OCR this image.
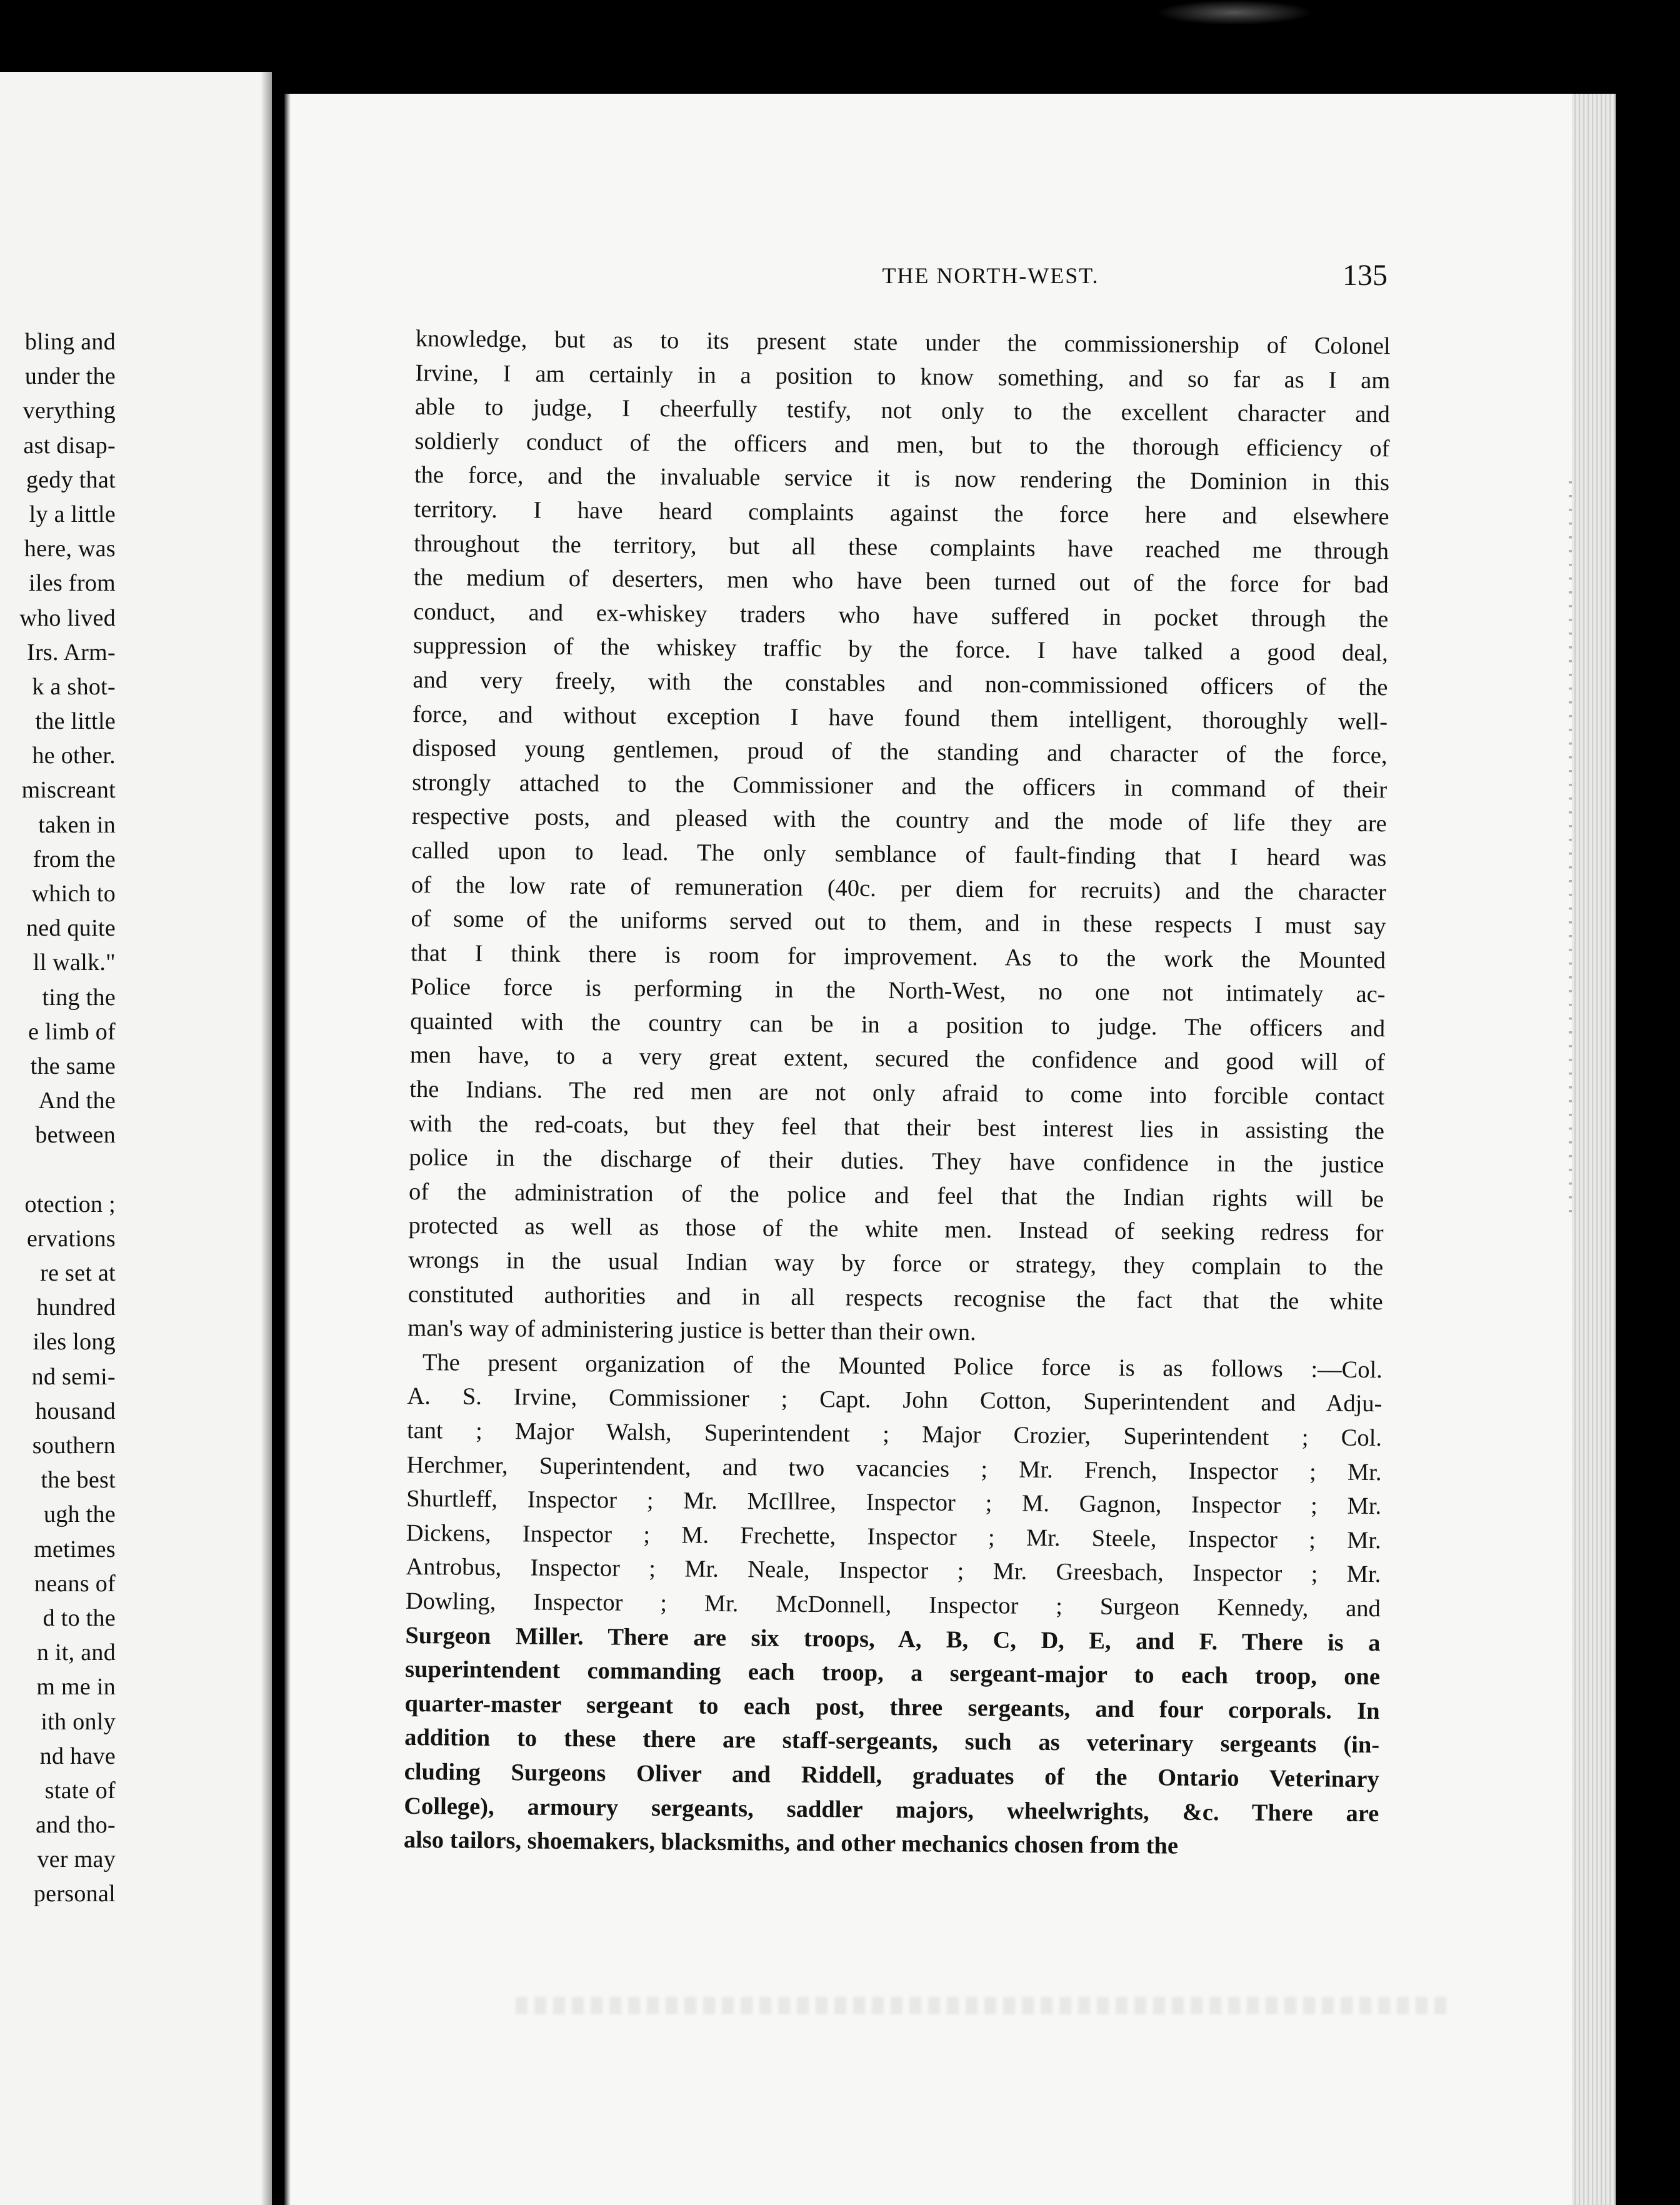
bling and
under the
verything
ast disap-
gedy that
ly a little
here, was
iles from
who lived
Irs. Arm-
k a shot-
the little
he other.
miscreant
taken in
from the
which to
ned quite
ll walk."
ting the
e limb of
the same
And the
between
otection ;
ervations
re set at
hundred
iles long
nd semi-
housand
southern
the best
ugh the
metimes
neans of
d to the
n it, and
m me in
ith only
nd have
state of
and tho-
ver may
personal
THE NORTH-WEST.	135
knowledge, but as to its present state under the commissionership of Colonel
Irvine, I am certainly in a position to know something, and so far as I am
able to judge, I cheerfully testify, not only to the excellent character and
soldierly conduct of the officers and men, but to the thorough efficiency of
the force, and the invaluable service it is now rendering the Dominion in this
territory. I have heard complaints against the force here and elsewhere
throughout the territory, but all these complaints have reached me through
the medium of deserters, men who have been turned out of the force for bad
conduct, and ex-whiskey traders who have suffered in pocket through the
suppression of the whiskey traffic by the force. I have talked a good deal,
and very freely, with the constables and non-commissioned officers of the
force, and without exception I have found them intelligent, thoroughly well-
disposed young gentlemen, proud of the standing and character of the force,
strongly attached to the Commissioner and the officers in command of their
respective posts, and pleased with the country and the mode of life they are
called upon to lead. The only semblance of fault-finding that I heard was
of the low rate of remuneration (40c. per diem for recruits) and the character
of some of the uniforms served out to them, and in these respects I must say
that I think there is room for improvement. As to the work the Mounted
Police force is performing in the North-West, no one not intimately ac-
quainted with the country can be in a position to judge. The officers and
men have, to a very great extent, secured the confidence and good will of
the Indians. The red men are not only afraid to come into forcible contact
with the red-coats, but they feel that their best interest lies in assisting the
police in the discharge of their duties. They have confidence in the justice
of the administration of the police and feel that the Indian rights will be
protected as well as those of the white men. Instead of seeking redress for
wrongs in the usual Indian way by force or strategy, they complain to the
constituted authorities and in all respects recognise the fact that the white
man's way of administering justice is better than their own.
The present organization of the Mounted Police force is as follows :—Col.
A. S. Irvine, Commissioner ; Capt. John Cotton, Superintendent and Adju-
tant ; Major Walsh, Superintendent ; Major Crozier, Superintendent ; Col.
Herchmer, Superintendent, and two vacancies ; Mr. French, Inspector ; Mr.
Shurtleff, Inspector ; Mr. McIllree, Inspector ; M. Gagnon, Inspector ; Mr.
Dickens, Inspector ; M. Frechette, Inspector ; Mr. Steele, Inspector ; Mr.
Antrobus, Inspector ; Mr. Neale, Inspector ; Mr. Greesbach, Inspector ; Mr.
Dowling, Inspector ; Mr. McDonnell, Inspector ; Surgeon Kennedy, and
Surgeon Miller. There are six troops, A, B, C, D, E, and F. There is a
superintendent commanding each troop, a sergeant-major to each troop, one
quarter-master sergeant to each post, three sergeants, and four corporals. In
addition to these there are staff-sergeants, such as veterinary sergeants (in-
cluding Surgeons Oliver and Riddell, graduates of the Ontario Veterinary
College), armoury sergeants, saddler majors, wheelwrights, &c. There are
also tailors, shoemakers, blacksmiths, and other mechanics chosen from the
